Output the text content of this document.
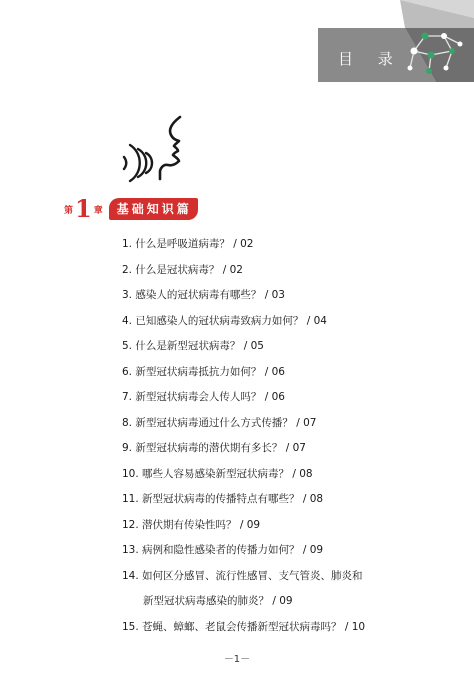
目 录
第 1 章	基础知识篇
1. 什么是呼吸道病毒？ / 02
2. 什么是冠状病毒？ / 02
3. 感染人的冠状病毒有哪些？ / 03
4. 已知感染人的冠状病毒致病力如何？ / 04
5. 什么是新型冠状病毒？ / 05
6. 新型冠状病毒抵抗力如何？ / 06
7. 新型冠状病毒会人传人吗？ / 06
8. 新型冠状病毒通过什么方式传播？ / 07
9. 新型冠状病毒的潜伏期有多长？ / 07
10. 哪些人容易感染新型冠状病毒？ / 08
11. 新型冠状病毒的传播特点有哪些？ / 08
12. 潜伏期有传染性吗？ / 09
13. 病例和隐性感染者的传播力如何？ / 09
14. 如何区分感冒、流行性感冒、支气管炎、肺炎和
新型冠状病毒感染的肺炎？ / 09
15. 苍蝇、蟑螂、老鼠会传播新型冠状病毒吗？ / 10
－1－
